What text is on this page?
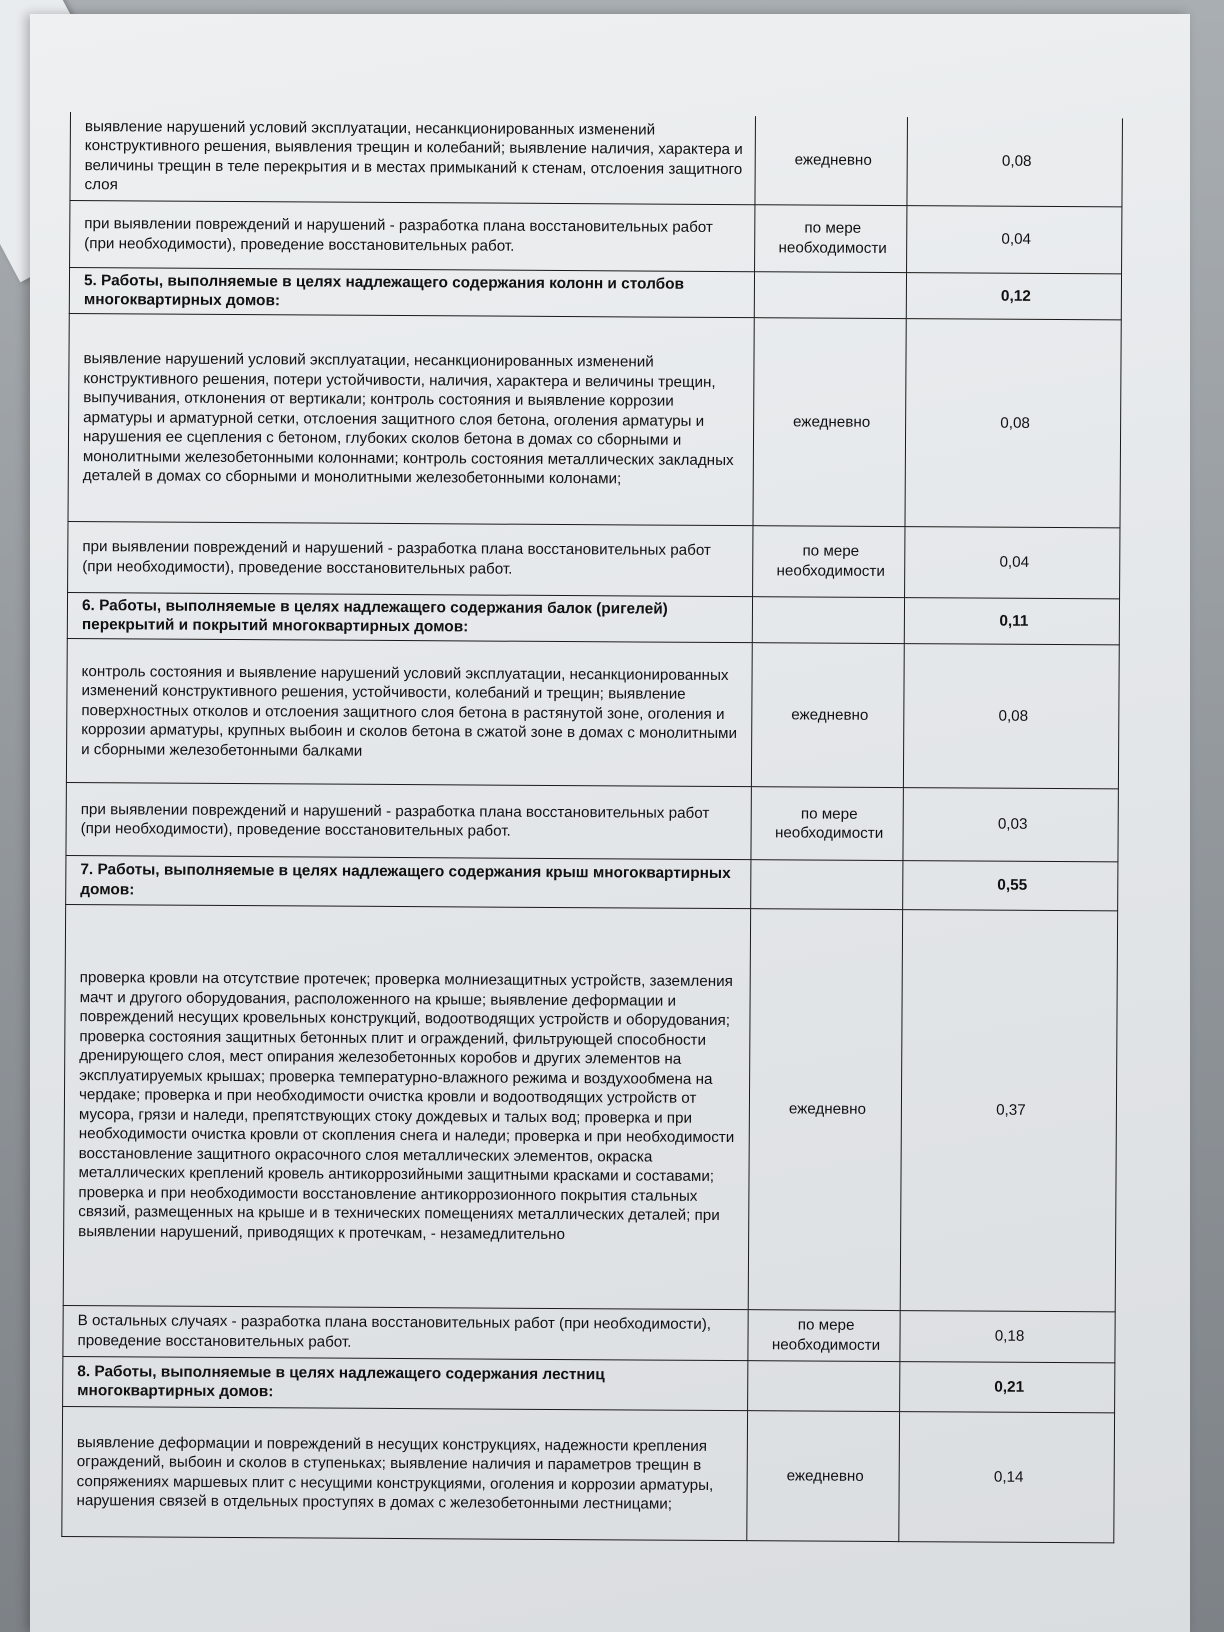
выявление нарушений условий эксплуатации, несанкционированных изменений конструктивного решения, выявления трещин и колебаний; выявление наличия, характера и величины трещин в теле перекрытия и в местах примыканий к стенам, отслоения защитного слоя	ежедневно	0,08
при выявлении повреждений и нарушений - разработка плана восстановительных работ (при необходимости), проведение восстановительных работ.	по мере необходимости	0,04
5. Работы, выполняемые в целях надлежащего содержания колонн и столбов многоквартирных домов:		0,12
выявление нарушений условий эксплуатации, несанкционированных изменений конструктивного решения, потери устойчивости, наличия, характера и величины трещин, выпучивания, отклонения от вертикали; контроль состояния и выявление коррозии арматуры и арматурной сетки, отслоения защитного слоя бетона, оголения арматуры и нарушения ее сцепления с бетоном, глубоких сколов бетона в домах со сборными и монолитными железобетонными колоннами; контроль состояния металлических закладных деталей в домах со сборными и монолитными железобетонными колонами;	ежедневно	0,08
при выявлении повреждений и нарушений - разработка плана восстановительных работ (при необходимости), проведение восстановительных работ.	по мере необходимости	0,04
6. Работы, выполняемые в целях надлежащего содержания балок (ригелей) перекрытий и покрытий многоквартирных домов:		0,11
контроль состояния и выявление нарушений условий эксплуатации, несанкционированных изменений конструктивного решения, устойчивости, колебаний и трещин; выявление поверхностных отколов и отслоения защитного слоя бетона в растянутой зоне, оголения и коррозии арматуры, крупных выбоин и сколов бетона в сжатой зоне в домах с монолитными и сборными железобетонными балками	ежедневно	0,08
при выявлении повреждений и нарушений - разработка плана восстановительных работ (при необходимости), проведение восстановительных работ.	по мере необходимости	0,03
7. Работы, выполняемые в целях надлежащего содержания крыш многоквартирных домов:		0,55
проверка кровли на отсутствие протечек; проверка молниезащитных устройств, заземления мачт и другого оборудования, расположенного на крыше; выявление деформации и повреждений несущих кровельных конструкций, водоотводящих устройств и оборудования; проверка состояния защитных бетонных плит и ограждений, фильтрующей способности дренирующего слоя, мест опирания железобетонных коробов и других элементов на эксплуатируемых крышах; проверка температурно-влажного режима и воздухообмена на чердаке; проверка и при необходимости очистка кровли и водоотводящих устройств от мусора, грязи и наледи, препятствующих стоку дождевых и талых вод; проверка и при необходимости очистка кровли от скопления снега и наледи; проверка и при необходимости восстановление защитного окрасочного слоя металлических элементов, окраска металлических креплений кровель антикоррозийными защитными красками и составами; проверка и при необходимости восстановление антикоррозионного покрытия стальных связий, размещенных на крыше и в технических помещениях металлических деталей; при выявлении нарушений, приводящих к протечкам, - незамедлительно	ежедневно	0,37
В остальных случаях - разработка плана восстановительных работ (при необходимости), проведение восстановительных работ.	по мере необходимости	0,18
8. Работы, выполняемые в целях надлежащего содержания лестниц многоквартирных домов:		0,21
выявление деформации и повреждений в несущих конструкциях, надежности крепления ограждений, выбоин и сколов в ступеньках; выявление наличия и параметров трещин в сопряжениях маршевых плит с несущими конструкциями, оголения и коррозии арматуры, нарушения связей в отдельных проступях в домах с железобетонными лестницами;	ежедневно	0,14
